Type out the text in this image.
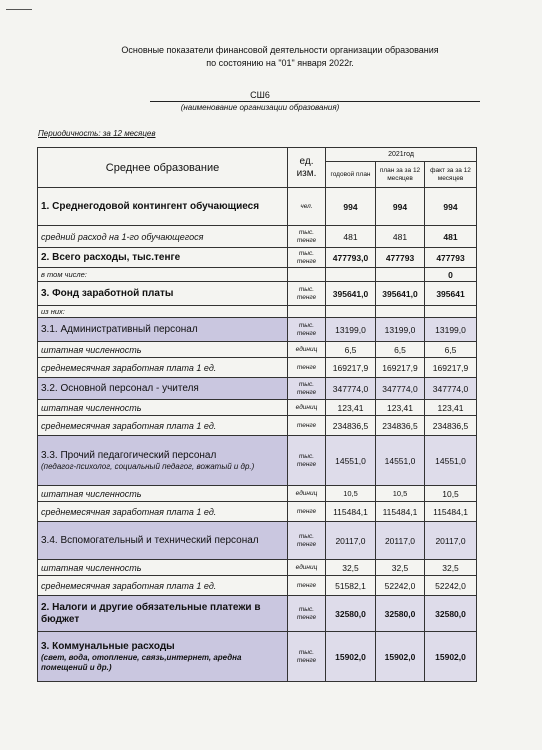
Основные показатели финансовой деятельности организации образования
по состоянию на "01" января 2022г.
СШ6
(наименование организации образования)
Периодичность: за 12 месяцев
Среднее образование	ед. изм.	2021год		
		годовой план	план за за 12 месяцев	факт за за 12 месяцев
1. Среднегодовой контингент обучающиеся	чел.	994	994	994
средний расход на 1-го обучающегося	тыс. тенге	481	481	481
2. Всего расходы, тыс.тенге	тыс. тенге	477793,0	477793	477793
в том числе:				0
3. Фонд заработной платы	тыс. тенге	395641,0	395641,0	395641
из них:				
3.1. Административный персонал	тыс. тенге	13199,0	13199,0	13199,0
штатная численность	единиц	6,5	6,5	6,5
среднемесячная заработная плата 1 ед.	тенге	169217,9	169217,9	169217,9
3.2. Основной персонал - учителя	тыс. тенге	347774,0	347774,0	347774,0
штатная численность	единиц	123,41	123,41	123,41
среднемесячная заработная плата 1 ед.	тенге	234836,5	234836,5	234836,5
3.3. Прочий педагогический персонал
(педагог-психолог, социальный педагог, вожатый и др.)	тыс. тенге	14551,0	14551,0	14551,0
штатная численность	единиц	10,5	10,5	10,5
среднемесячная заработная плата 1 ед.	тенге	115484,1	115484,1	115484,1
3.4. Вспомогательный и технический персонал	тыс. тенге	20117,0	20117,0	20117,0
штатная численность	единиц	32,5	32,5	32,5
среднемесячная заработная плата 1 ед.	тенге	51582,1	52242,0	52242,0
2. Налоги и другие обязательные платежи в бюджет	тыс. тенге	32580,0	32580,0	32580,0
3. Коммунальные расходы
(свет, вода, отопление, связь,интернет, аредна помещений и др.)	тыс. тенге	15902,0	15902,0	15902,0
